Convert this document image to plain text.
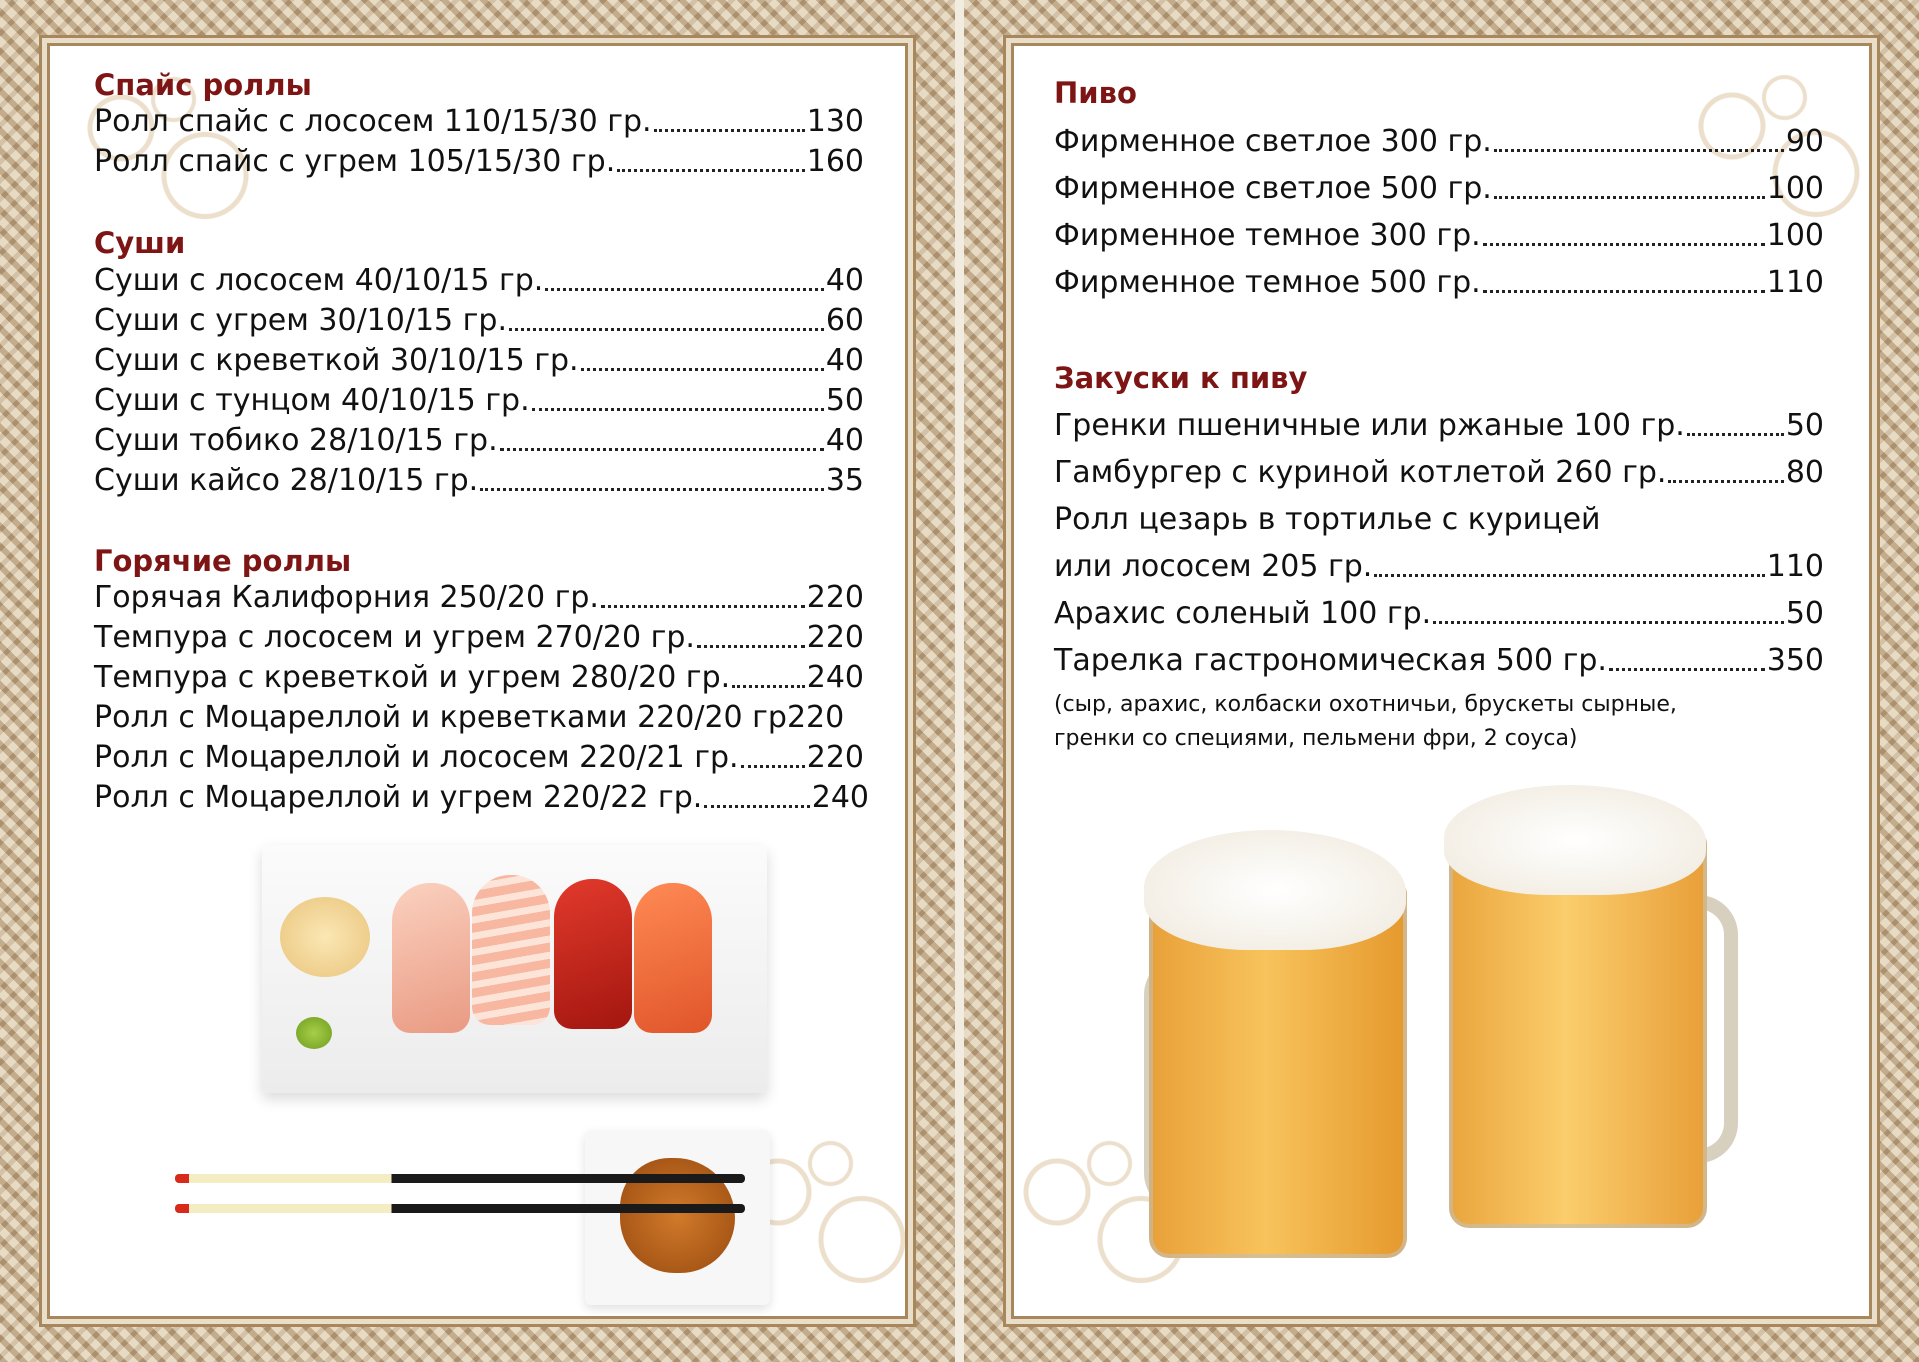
Спайс роллы
Ролл спайс с лососем 110/15/30 гр.	130
Ролл спайс с угрем 105/15/30 гр.	160
Суши
Суши с лососем 40/10/15 гр.	40
Суши с угрем 30/10/15 гр.	60
Суши с креветкой 30/10/15 гр.	40
Суши с тунцом 40/10/15 гр.	50
Суши тобико 28/10/15 гр.	40
Суши кайсо 28/10/15 гр.	35
Горячие роллы
Горячая Калифорния 250/20 гр.	220
Темпура с лососем и угрем 270/20 гр.	220
Темпура с креветкой и угрем 280/20 гр.	240
Ролл с Моцареллой и креветками 220/20 гр 220
Ролл с Моцареллой и лососем 220/21 гр. 220
Ролл с Моцареллой и угрем 220/22 гр.	240
Пиво
Фирменное светлое 300 гр.	90
Фирменное светлое 500 гр.	100
Фирменное темное 300 гр.	100
Фирменное темное 500 гр.	110
Закуски к пиву
Гренки пшеничные или ржаные 100 гр.	50
Гамбургер с куриной котлетой 260 гр.	80
Ролл цезарь в тортилье с курицей
или лососем 205 гр.	110
Арахис соленый 100 гр.	50
Тарелка гастрономическая 500 гр.	350
(сыр, арахис, колбаски охотничьи, брускеты сырные,
гренки со специями, пельмени фри, 2 соуса)
